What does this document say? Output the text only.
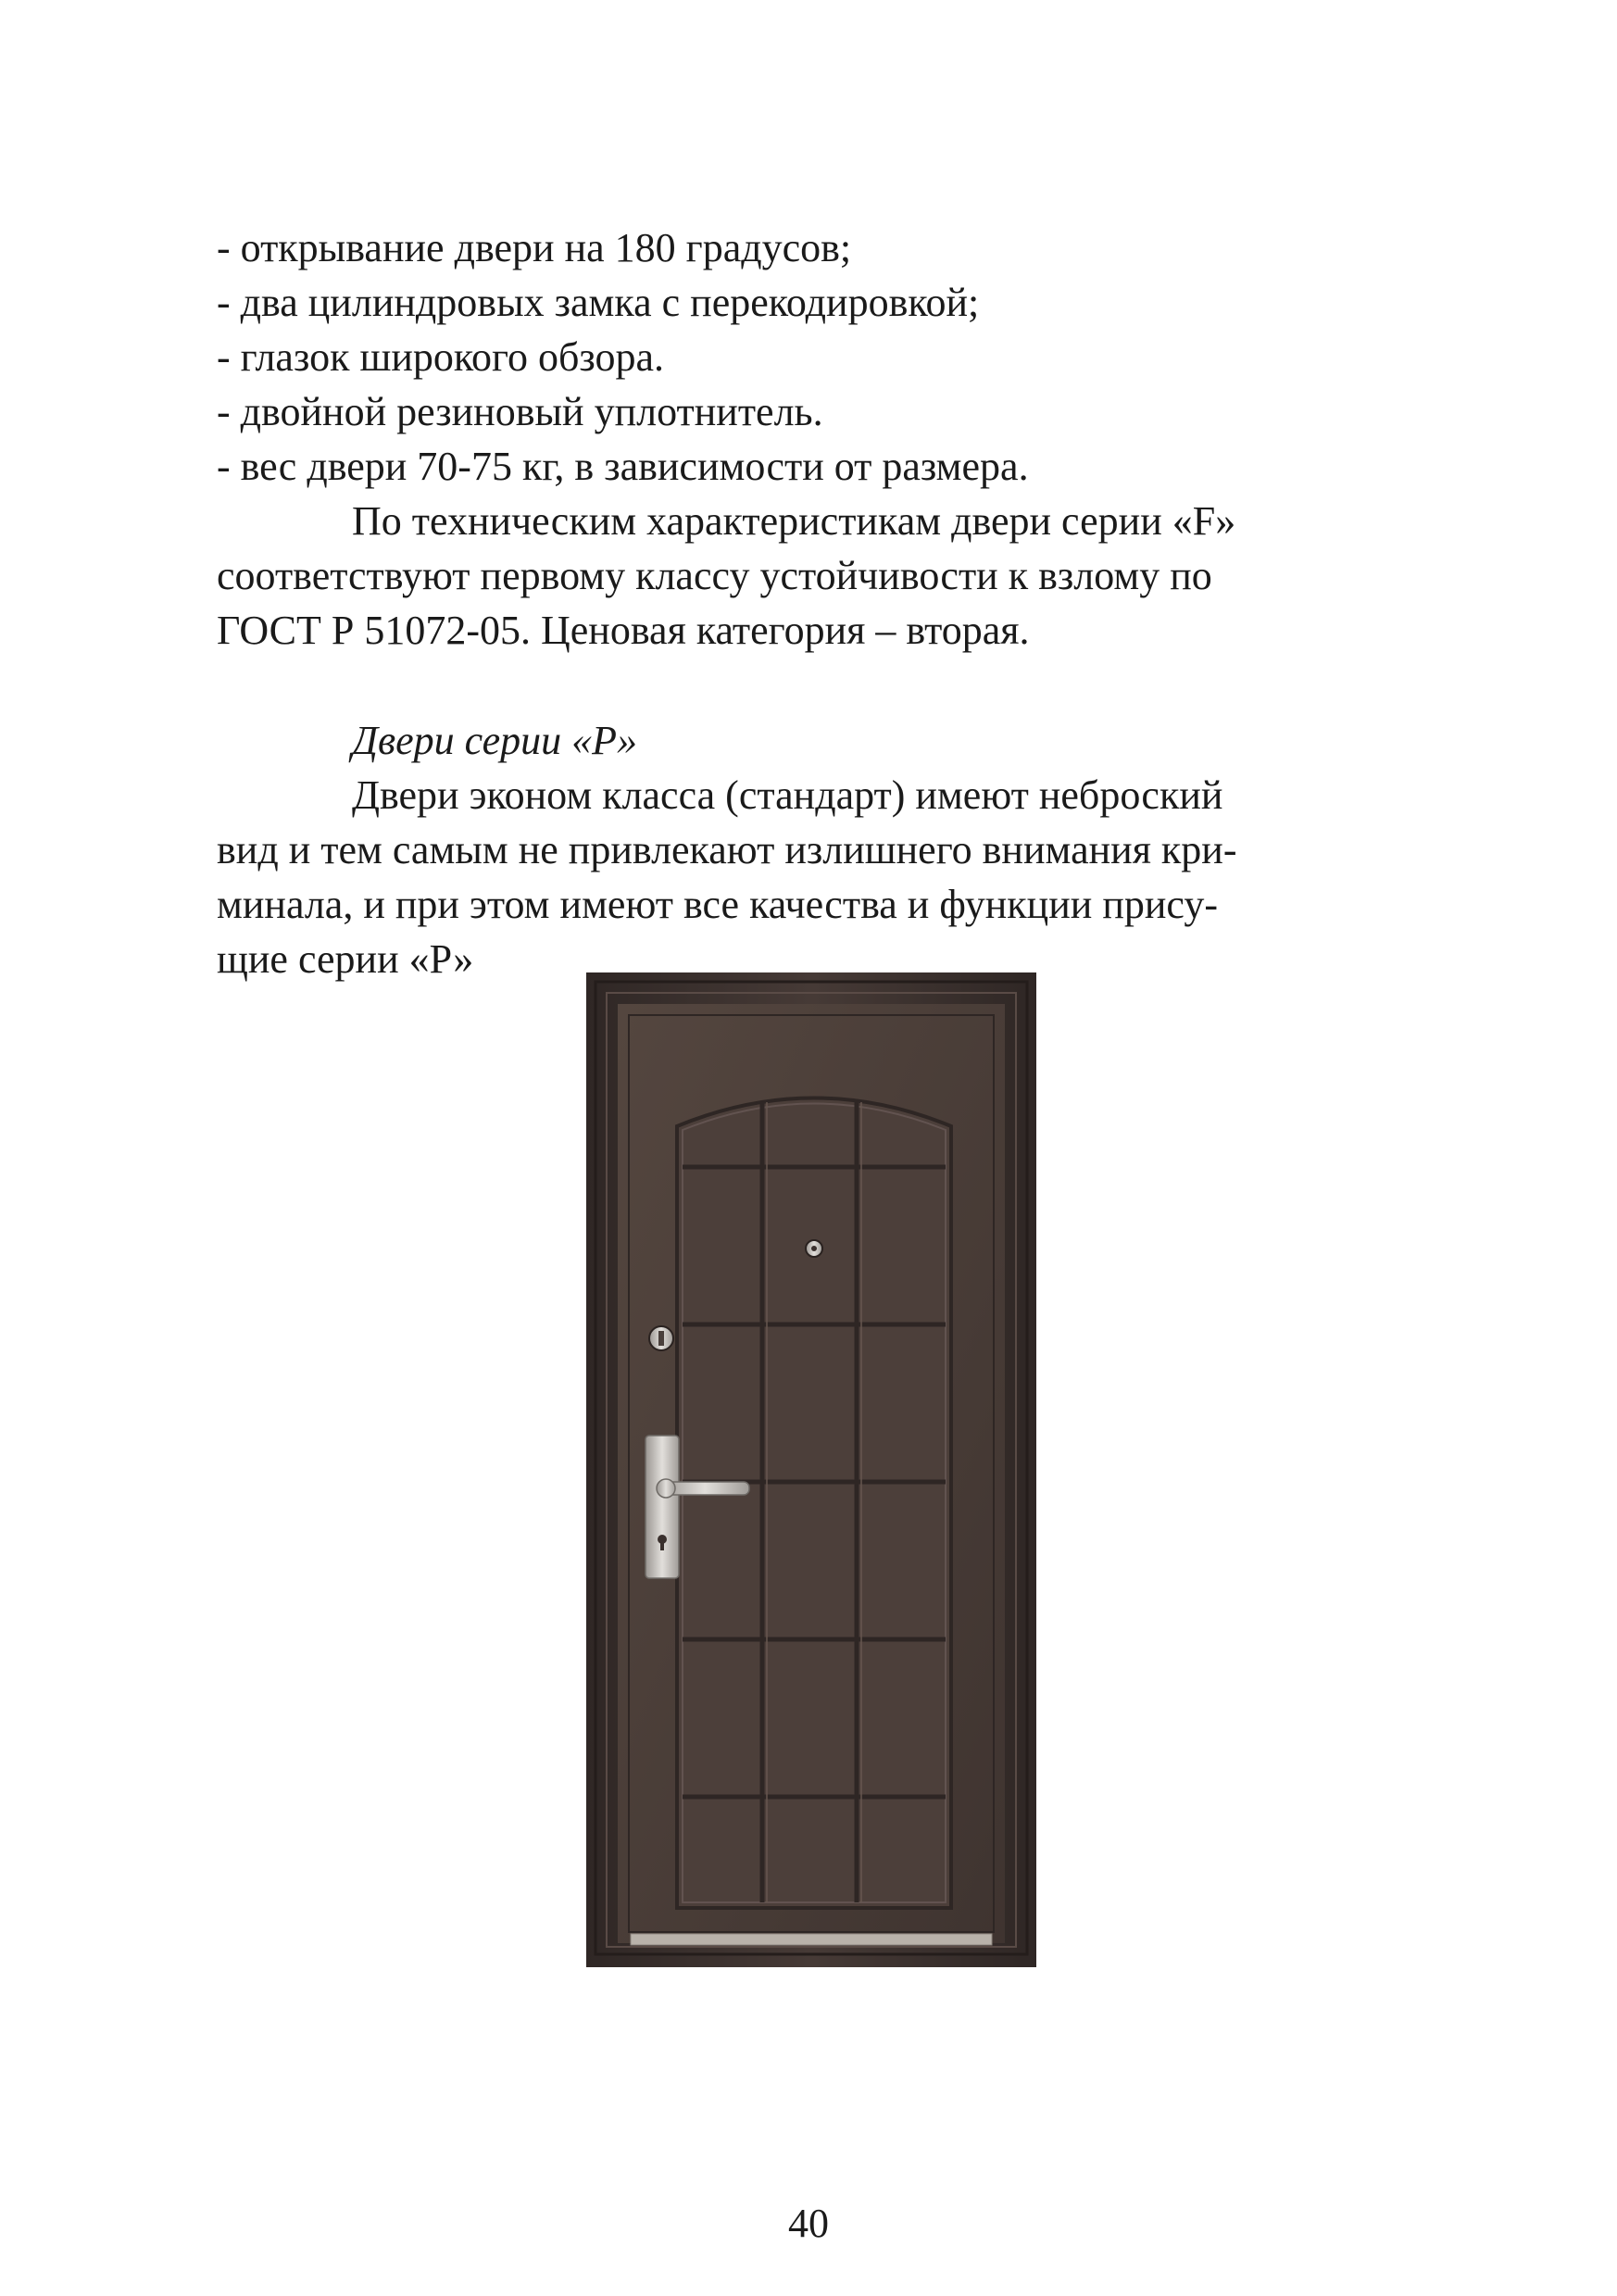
- открывание двери на 180 градусов;
- два цилиндровых замка с перекодировкой;
- глазок широкого обзора.
- двойной резиновый уплотнитель.
- вес двери 70-75 кг, в зависимости от размера.
По техническим характеристикам двери серии «F»
соответствуют первому классу устойчивости к взлому по
ГОСТ Р 51072-05. Ценовая категория – вторая.
Двери серии «Р»
Двери эконом класса (стандарт) имеют неброский
вид и тем самым не привлекают излишнего внимания кри-
минала, и при этом имеют все качества и функции прису-
щие серии «Р»
40
